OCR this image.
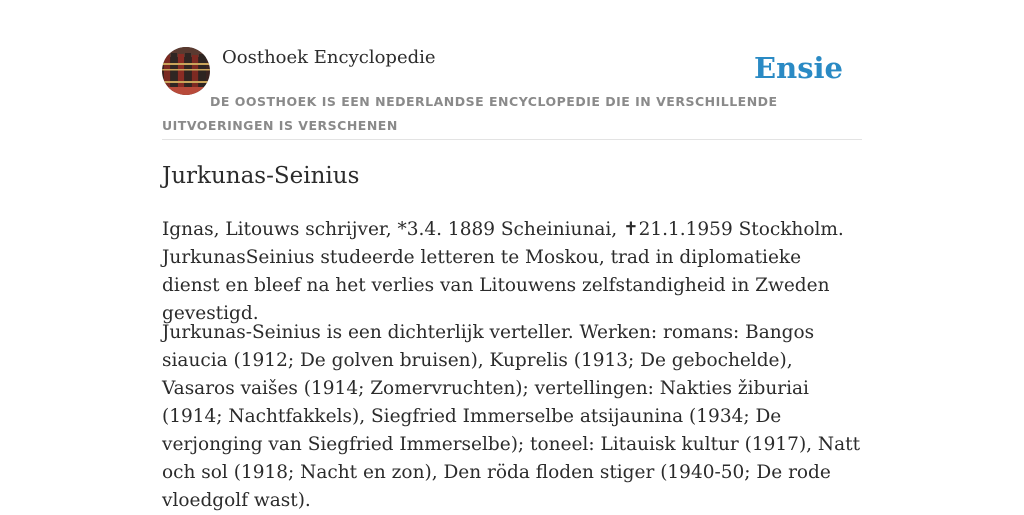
Oosthoek Encyclopedie	Ensie
DE OOSTHOEK IS EEN NEDERLANDSE ENCYCLOPEDIE DIE IN VERSCHILLENDE UITVOERINGEN IS VERSCHENEN
Jurkunas-Seinius

Ignas, Litouws schrijver, *3.4. 1889 Scheiniunai, ✝21.1.1959 Stockholm. JurkunasSeinius studeerde letteren te Moskou, trad in diplomatieke dienst en bleef na het verlies van Litouwens zelfstandigheid in Zweden gevestigd.

Jurkunas-Seinius is een dichterlijk verteller. Werken: romans: Bangos siaucia (1912; De golven bruisen), Kuprelis (1913; De gebochelde), Vasaros vaišes (1914; Zomervruchten); vertellingen: Nakties žiburiai (1914; Nachtfakkels), Siegfried Immerselbe atsijaunina (1934; De verjonging van Siegfried Immerselbe); toneel: Litauisk kultur (1917), Natt och sol (1918; Nacht en zon), Den röda floden stiger (1940-50; De rode vloedgolf wast).
